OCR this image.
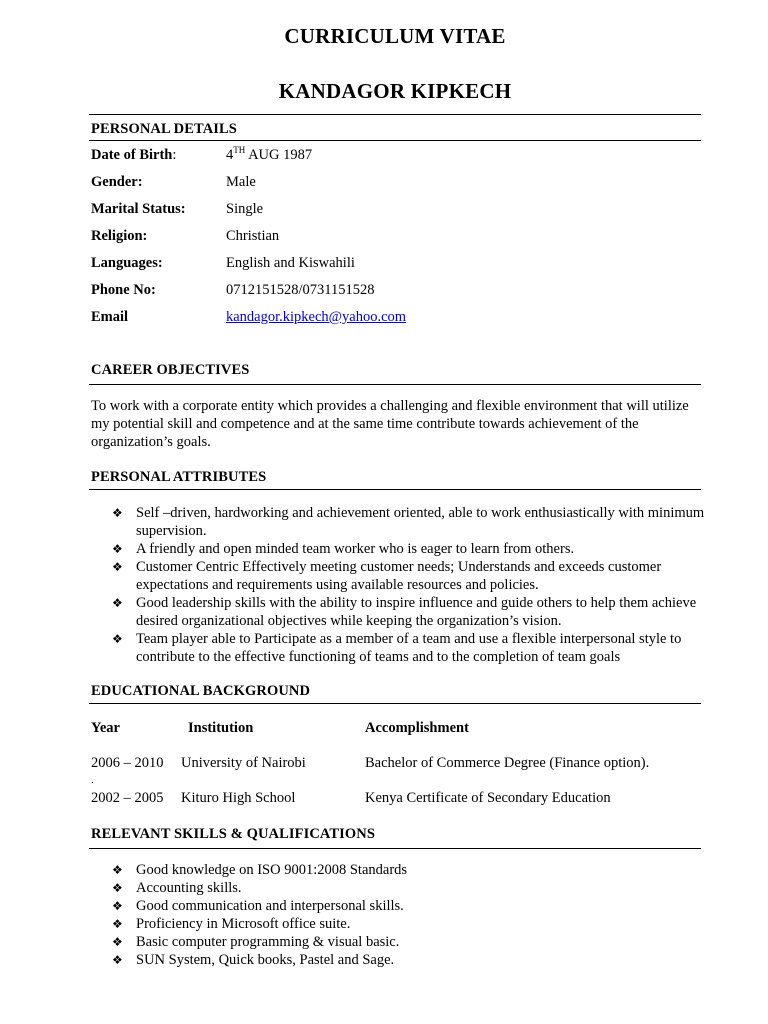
CURRICULUM VITAE
KANDAGOR KIPKECH
PERSONAL DETAILS
Date of Birth:	4TH AUG 1987
Gender:	Male
Marital Status:	Single
Religion:	Christian
Languages:	English and Kiswahili
Phone No:	0712151528/0731151528
Email	kandagor.kipkech@yahoo.com
CAREER OBJECTIVES
To work with a corporate entity which provides a challenging and flexible environment that will utilize my potential skill and competence and at the same time contribute towards achievement of the organization’s goals.
PERSONAL ATTRIBUTES
❖ Self –driven, hardworking and achievement oriented, able to work enthusiastically with minimum supervision.
❖ A friendly and open minded team worker who is eager to learn from others.
❖ Customer Centric Effectively meeting customer needs; Understands and exceeds customer expectations and requirements using available resources and policies.
❖ Good leadership skills with the ability to inspire influence and guide others to help them achieve desired organizational objectives while keeping the organization’s vision.
❖ Team player able to Participate as a member of a team and use a flexible interpersonal style to contribute to the effective functioning of teams and to the completion of team goals
EDUCATIONAL BACKGROUND
Year	Institution	Accomplishment
2006 – 2010 University of Nairobi	Bachelor of Commerce Degree (Finance option).
.
2002 – 2005 Kituro High School	Kenya Certificate of Secondary Education
RELEVANT SKILLS & QUALIFICATIONS
❖ Good knowledge on ISO 9001:2008 Standards
❖ Accounting skills.
❖ Good communication and interpersonal skills.
❖ Proficiency in Microsoft office suite.
❖ Basic computer programming & visual basic.
❖ SUN System, Quick books, Pastel and Sage.
